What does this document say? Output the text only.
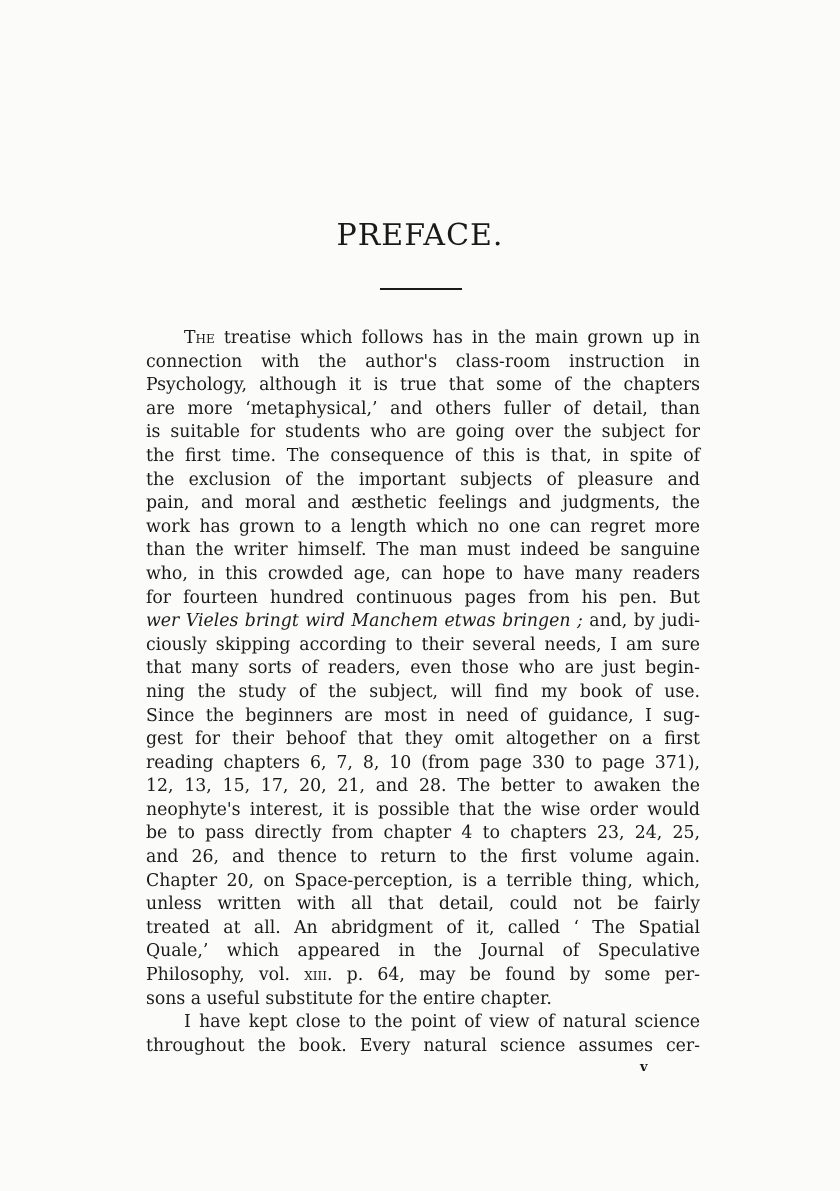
PREFACE.
The treatise which follows has in the main grown up in
connection with the author's class-room instruction in
Psychology, although it is true that some of the chapters
are more ‘metaphysical,’ and others fuller of detail, than
is suitable for students who are going over the subject for
the first time. The consequence of this is that, in spite of
the exclusion of the important subjects of pleasure and
pain, and moral and æsthetic feelings and judgments, the
work has grown to a length which no one can regret more
than the writer himself. The man must indeed be sanguine
who, in this crowded age, can hope to have many readers
for fourteen hundred continuous pages from his pen. But
wer Vieles bringt wird Manchem etwas bringen ; and, by judi-
ciously skipping according to their several needs, I am sure
that many sorts of readers, even those who are just begin-
ning the study of the subject, will find my book of use.
Since the beginners are most in need of guidance, I sug-
gest for their behoof that they omit altogether on a first
reading chapters 6, 7, 8, 10 (from page 330 to page 371),
12, 13, 15, 17, 20, 21, and 28. The better to awaken the
neophyte's interest, it is possible that the wise order would
be to pass directly from chapter 4 to chapters 23, 24, 25,
and 26, and thence to return to the first volume again.
Chapter 20, on Space-perception, is a terrible thing, which,
unless written with all that detail, could not be fairly
treated at all. An abridgment of it, called ‘ The Spatial
Quale,’ which appeared in the Journal of Speculative
Philosophy, vol. xiii. p. 64, may be found by some per-
sons a useful substitute for the entire chapter.
I have kept close to the point of view of natural science
throughout the book. Every natural science assumes cer-
v
